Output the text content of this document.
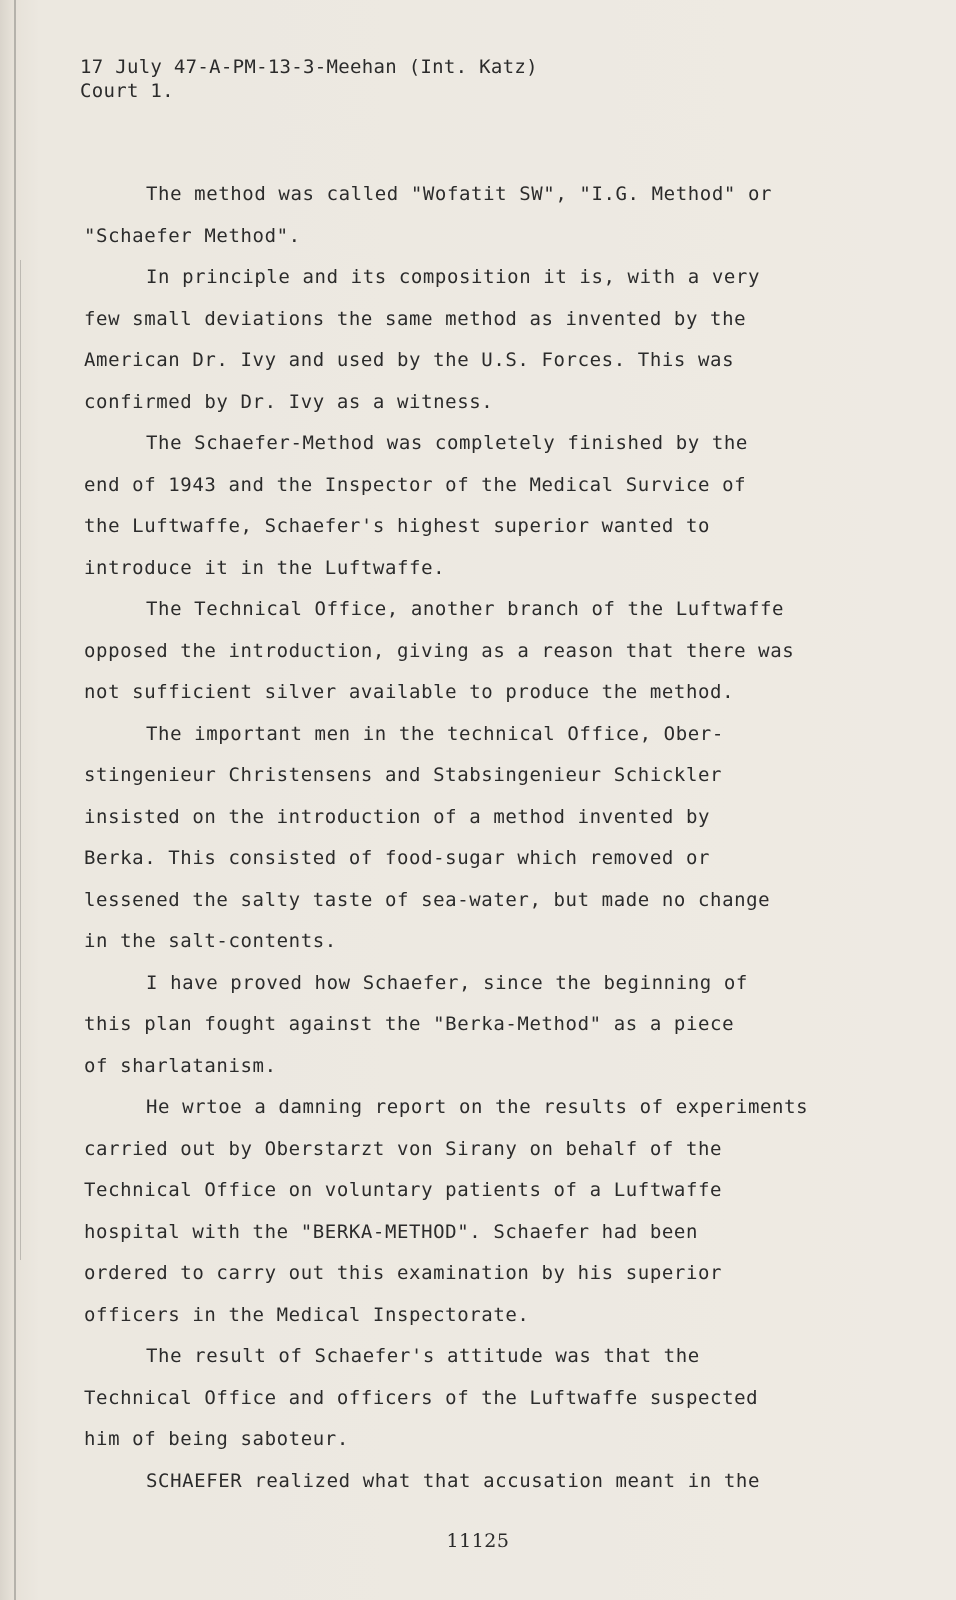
17 July 47-A-PM-13-3-Meehan (Int. Katz)
Court 1.
The method was called "Wofatit SW", "I.G. Method" or
"Schaefer Method".
In principle and its composition it is, with a very
few small deviations the same method as invented by the
American Dr. Ivy and used by the U.S. Forces. This was
confirmed by Dr. Ivy as a witness.
The Schaefer-Method was completely finished by the
end of 1943 and the Inspector of the Medical Survice of
the Luftwaffe, Schaefer's highest superior wanted to
introduce it in the Luftwaffe.
The Technical Office, another branch of the Luftwaffe
opposed the introduction, giving as a reason that there was
not sufficient silver available to produce the method.
The important men in the technical Office, Ober-
stingenieur Christensens and Stabsingenieur Schickler
insisted on the introduction of a method invented by
Berka. This consisted of food-sugar which removed or
lessened the salty taste of sea-water, but made no change
in the salt-contents.
I have proved how Schaefer, since the beginning of
this plan fought against the "Berka-Method" as a piece
of sharlatanism.
He wrtoe a damning report on the results of experiments
carried out by Oberstarzt von Sirany on behalf of the
Technical Office on voluntary patients of a Luftwaffe
hospital with the "BERKA-METHOD". Schaefer had been
ordered to carry out this examination by his superior
officers in the Medical Inspectorate.
The result of Schaefer's attitude was that the
Technical Office and officers of the Luftwaffe suspected
him of being saboteur.
SCHAEFER realized what that accusation meant in the
11125
